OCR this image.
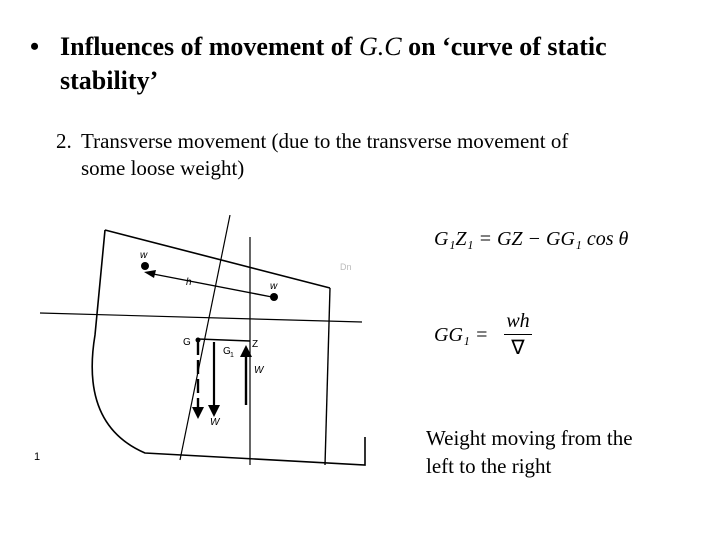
• Influences of movement of G.C on ‘curve of static stability’
2. Transverse movement (due to the transverse movement of
some loose weight)
w
h	w
G
G 1
Z
W
W
1
Dn
G₁Z₁ = GZ − GG₁ cos θ
GG₁ =
wh
∇
Weight moving from the
left to the right
